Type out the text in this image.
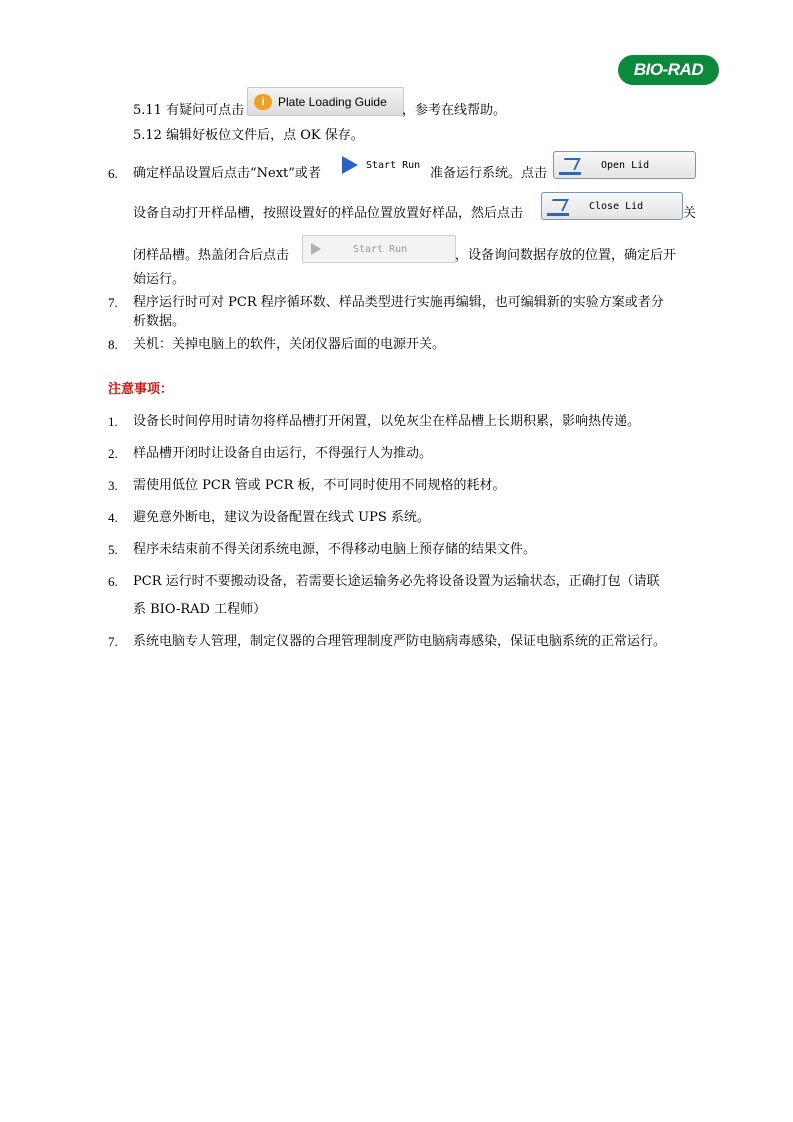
BIO-RAD
5.11 有疑问可点击
i	Plate Loading Guide
，参考在线帮助。
5.12 编辑好板位文件后，点 OK 保存。
6. 确定样品设置后点击“Next”或者
Start Run
准备运行系统。点击
Open Lid
设备自动打开样品槽，按照设置好的样品位置放置好样品，然后点击	Close Lid	关
闭样品槽。热盖闭合后点击	Start Run	，设备询问数据存放的位置，确定后开
始运行。
7. 程序运行时可对 PCR 程序循环数、样品类型进行实施再编辑，也可编辑新的实验方案或者分
析数据。
8. 关机：关掉电脑上的软件，关闭仪器后面的电源开关。
注意事项：
1. 设备长时间停用时请勿将样品槽打开闲置，以免灰尘在样品槽上长期积累，影响热传递。
2. 样品槽开闭时让设备自由运行，不得强行人为推动。
3. 需使用低位 PCR 管或 PCR 板，不可同时使用不同规格的耗材。
4. 避免意外断电，建议为设备配置在线式 UPS 系统。
5. 程序未结束前不得关闭系统电源，不得移动电脑上预存储的结果文件。
6. PCR 运行时不要搬动设备，若需要长途运输务必先将设备设置为运输状态，正确打包（请联
系 BIO-RAD 工程师）
7. 系统电脑专人管理，制定仪器的合理管理制度严防电脑病毒感染，保证电脑系统的正常运行。
